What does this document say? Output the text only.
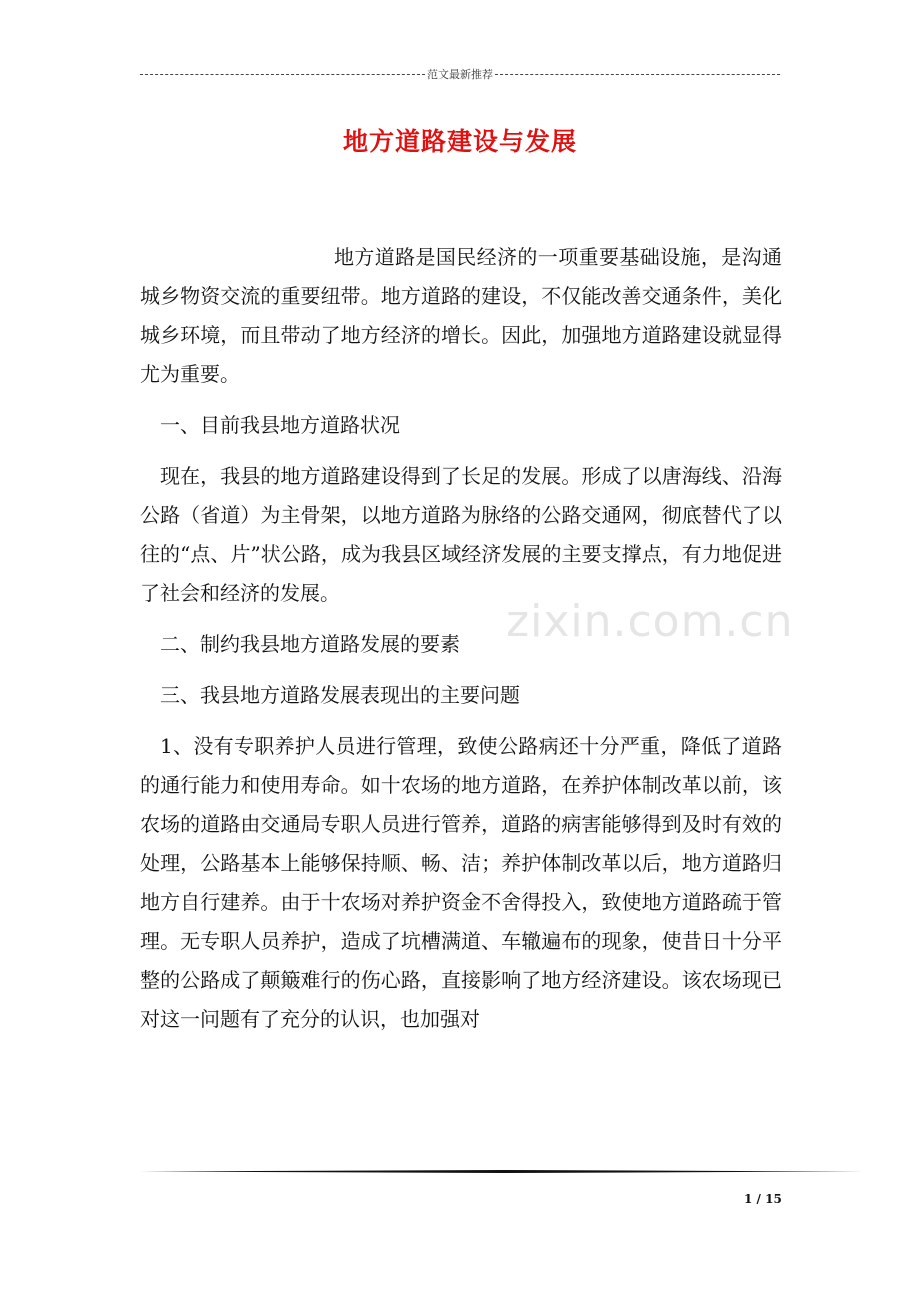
范文最新推荐
地方道路建设与发展
zixin.com.cn

地方道路是国民经济的一项重要基础设施，是沟通城乡物资交流的重要纽带。地方道路的建设，不仅能改善交通条件，美化城乡环境，而且带动了地方经济的增长。因此，加强地方道路建设就显得尤为重要。

一、目前我县地方道路状况

现在，我县的地方道路建设得到了长足的发展。形成了以唐海线、沿海公路（省道）为主骨架，以地方道路为脉络的公路交通网，彻底替代了以往的“点、片”状公路，成为我县区域经济发展的主要支撑点，有力地促进了社会和经济的发展。

二、制约我县地方道路发展的要素

三、我县地方道路发展表现出的主要问题

1、没有专职养护人员进行管理，致使公路病还十分严重，降低了道路的通行能力和使用寿命。如十农场的地方道路，在养护体制改革以前，该农场的道路由交通局专职人员进行管养，道路的病害能够得到及时有效的处理，公路基本上能够保持顺、畅、洁；养护体制改革以后，地方道路归地方自行建养。由于十农场对养护资金不舍得投入，致使地方道路疏于管理。无专职人员养护，造成了坑槽满道、车辙遍布的现象，使昔日十分平整的公路成了颠簸难行的伤心路，直接影响了地方经济建设。该农场现已对这一问题有了充分的认识，也加强对

1 / 15
